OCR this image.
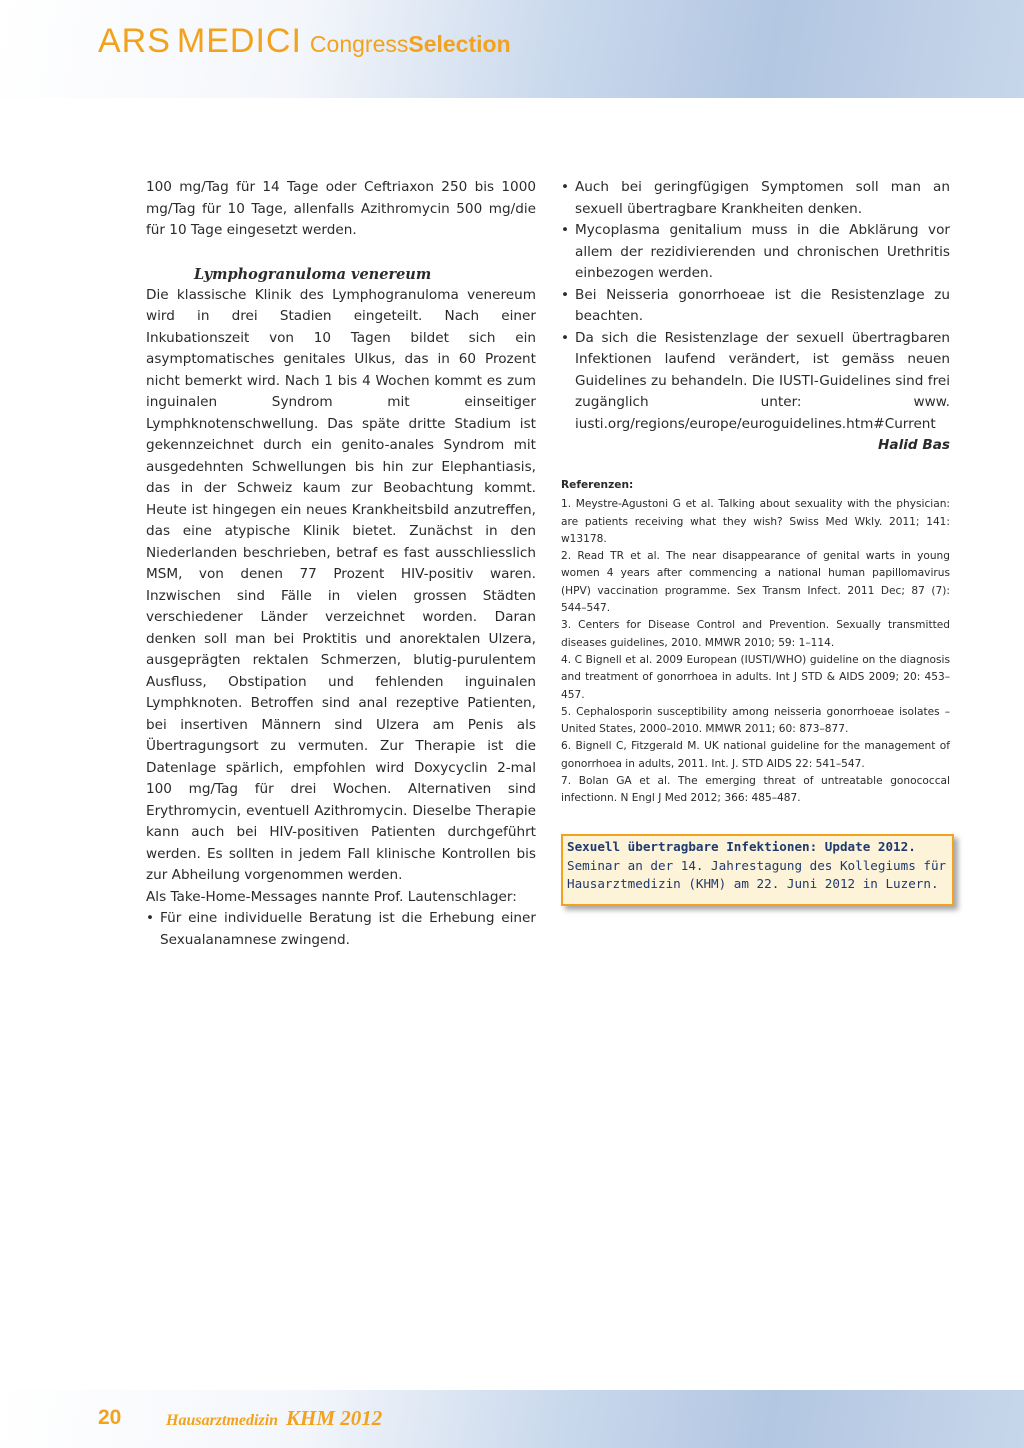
ARS MEDICI Congress Selection

100 mg/Tag für 14 Tage oder Ceftriaxon 250 bis 1000 mg/Tag für 10 Tage, allenfalls Azithromycin 500 mg/die für 10 Tage eingesetzt werden.

Lymphogranuloma venereum

Die klassische Klinik des Lymphogranuloma venereum wird in drei Stadien eingeteilt. Nach einer Inkubationszeit von 10 Tagen bildet sich ein asymptomatisches genitales Ulkus, das in 60 Prozent nicht bemerkt wird. Nach 1 bis 4 Wochen kommt es zum inguinalen Syndrom mit einseitiger Lymphknotenschwellung. Das späte dritte Stadium ist gekennzeichnet durch ein genito-anales Syndrom mit ausgedehnten Schwellungen bis hin zur Elephantiasis, das in der Schweiz kaum zur Beobachtung kommt. Heute ist hingegen ein neues Krankheitsbild anzutreffen, das eine atypische Klinik bietet. Zunächst in den Niederlanden beschrieben, betraf es fast ausschliesslich MSM, von denen 77 Prozent HIV-positiv waren. Inzwischen sind Fälle in vielen grossen Städten verschiedener Länder verzeichnet worden. Daran denken soll man bei Proktitis und anorektalen Ulzera, ausgeprägten rektalen Schmerzen, blutig-purulentem Ausfluss, Obstipation und fehlenden inguinalen Lymphknoten. Betroffen sind anal rezeptive Patienten, bei insertiven Männern sind Ulzera am Penis als Übertragungsort zu vermuten. Zur Therapie ist die Datenlage spärlich, empfohlen wird Doxycyclin 2-mal 100 mg/Tag für drei Wochen. Alternativen sind Erythromycin, eventuell Azithromycin. Dieselbe Therapie kann auch bei HIV-positiven Patienten durchgeführt werden. Es sollten in jedem Fall klinische Kontrollen bis zur Abheilung vorgenommen werden.

Als Take-Home-Messages nannte Prof. Lautenschlager:

• Für eine individuelle Beratung ist die Erhebung einer Sexualanamnese zwingend.
• Auch bei geringfügigen Symptomen soll man an sexuell übertragbare Krankheiten denken.
• Mycoplasma genitalium muss in die Abklärung vor allem der rezidivierenden und chronischen Urethritis einbezogen werden.
• Bei Neisseria gonorrhoeae ist die Resistenzlage zu beachten.
• Da sich die Resistenzlage der sexuell übertragbaren Infektionen laufend verändert, ist gemäss neuen Guidelines zu behandeln. Die IUSTI-Guidelines sind frei zugänglich unter: www. iusti.org/regions/europe/euroguidelines.htm#Current

Halid Bas

Referenzen:
1. Meystre-Agustoni G et al. Talking about sexuality with the physician: are patients receiving what they wish? Swiss Med Wkly. 2011; 141: w13178.
2. Read TR et al. The near disappearance of genital warts in young women 4 years after commencing a national human papillomavirus (HPV) vaccination programme. Sex Transm Infect. 2011 Dec; 87 (7): 544–547.
3. Centers for Disease Control and Prevention. Sexually transmitted diseases guidelines, 2010. MMWR 2010; 59: 1–114.
4. C Bignell et al. 2009 European (IUSTI/WHO) guideline on the diagnosis and treatment of gonorrhoea in adults. Int J STD & AIDS 2009; 20: 453–457.
5. Cephalosporin susceptibility among neisseria gonorrhoeae isolates – United States, 2000–2010. MMWR 2011; 60: 873–877.
6. Bignell C, Fitzgerald M. UK national guideline for the management of gonorrhoea in adults, 2011. Int. J. STD AIDS 22: 541–547.
7. Bolan GA et al. The emerging threat of untreatable gonococcal infectionn. N Engl J Med 2012; 366: 485–487.
Sexuell übertragbare Infektionen: Update 2012.
Seminar an der 14. Jahrestagung des Kollegiums für Hausarztmedizin (KHM) am 22. Juni 2012 in Luzern.
20	Hausarztmedizin KHM 2012
